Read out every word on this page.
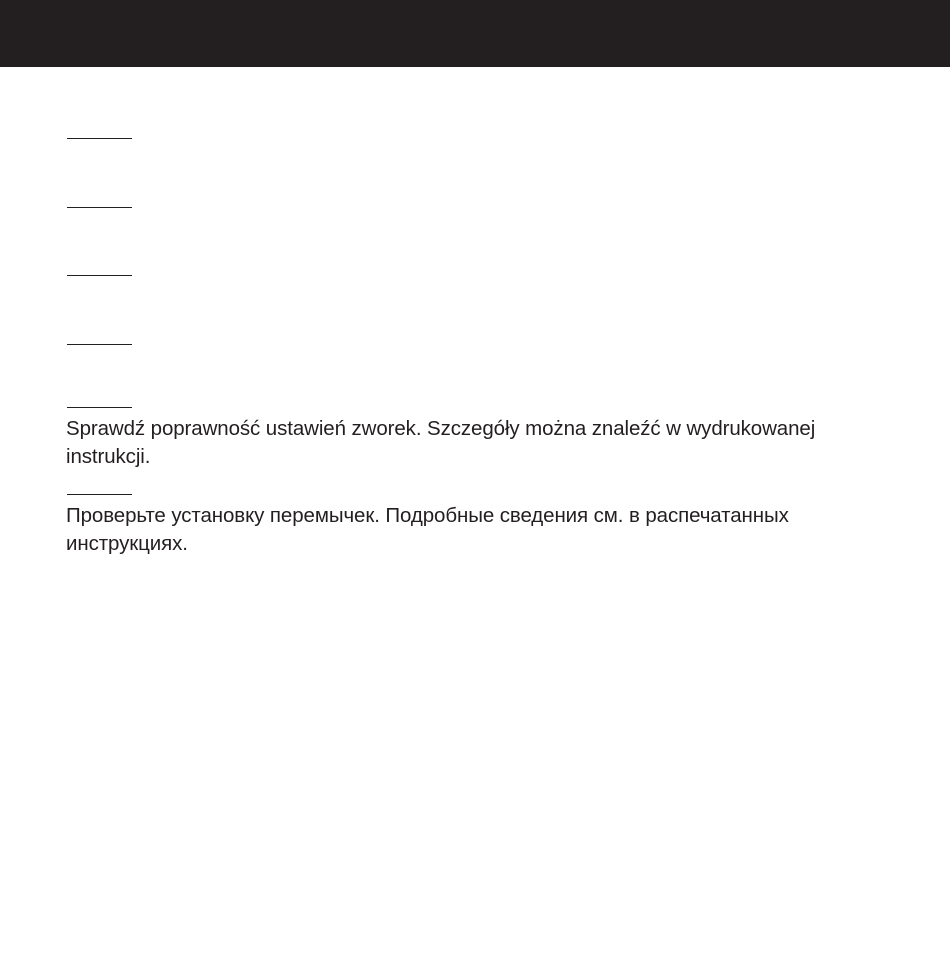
Sprawdź poprawność ustawień zworek. Szczegóły można znaleźć w wydrukowanej instrukcji.
Проверьте установку перемычек. Подробные сведения см. в распечатанных инструкциях.
